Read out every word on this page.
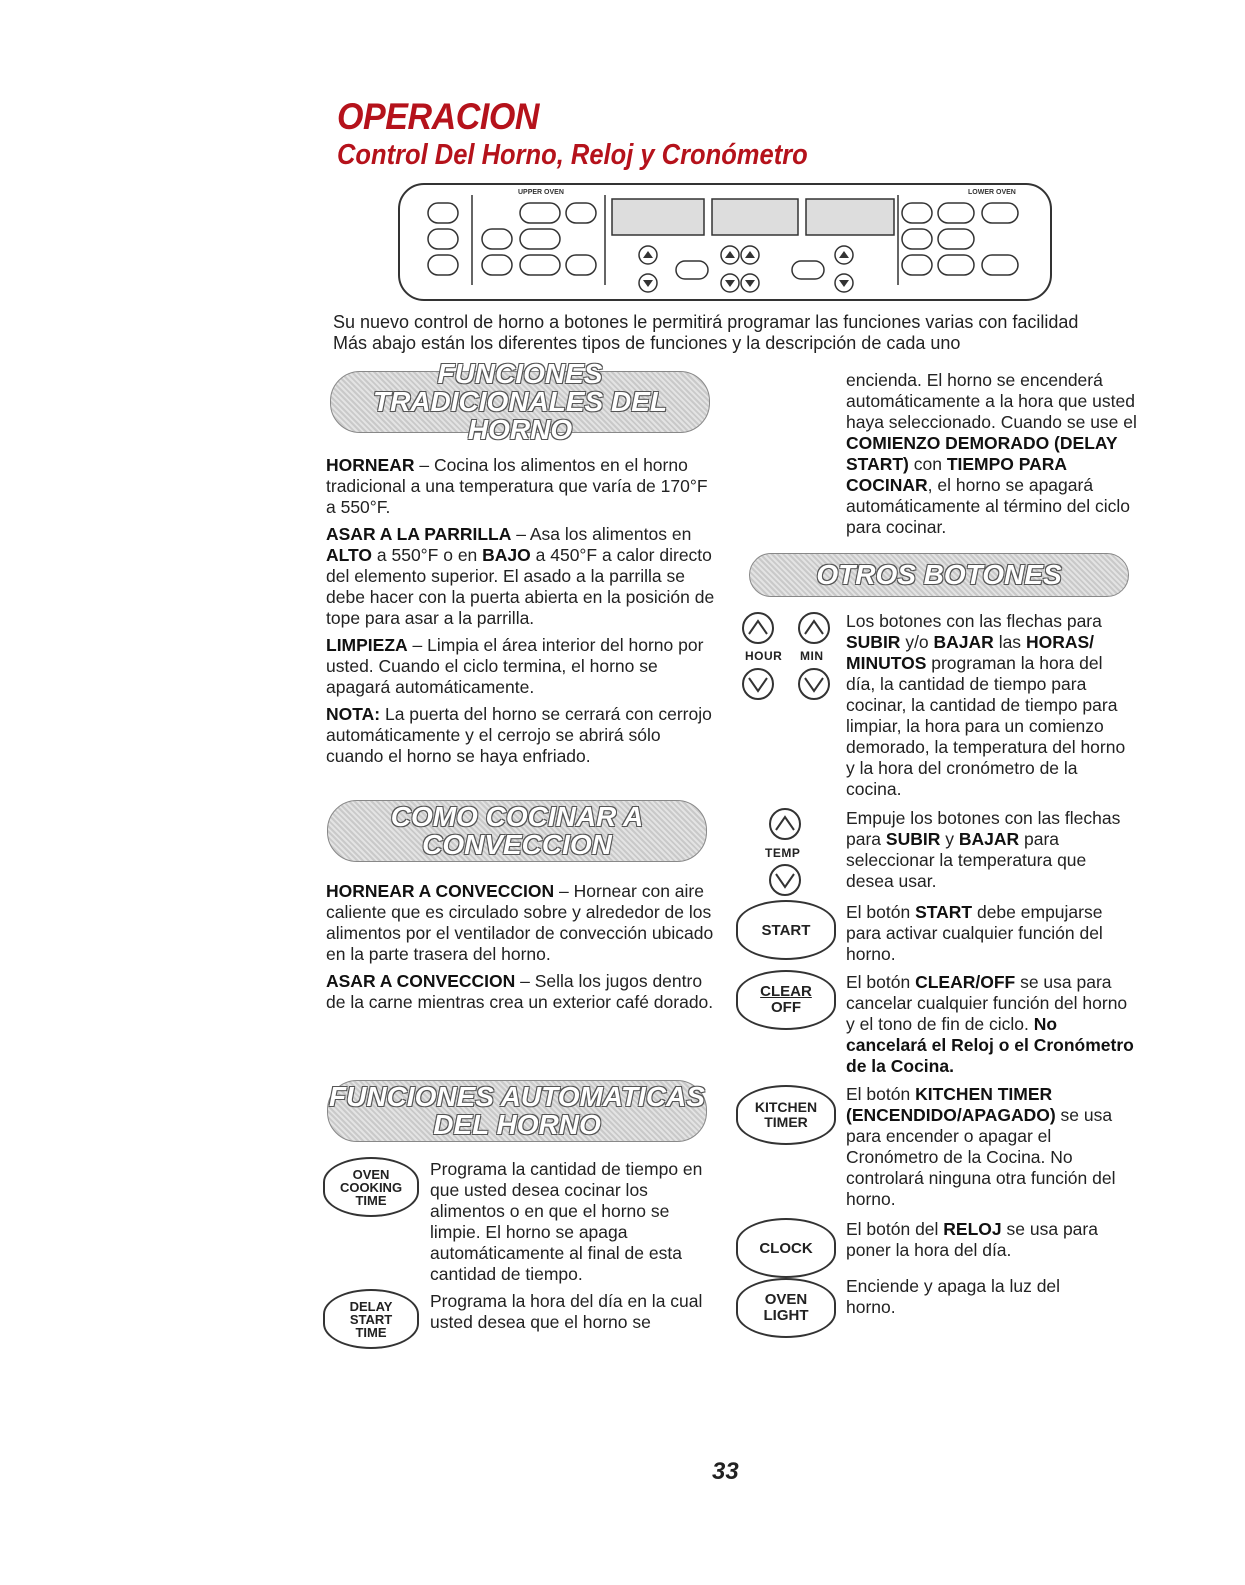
OPERACION
Control Del Horno, Reloj y Cronómetro
UPPER OVEN	LOWER OVEN

Su nuevo control de horno a botones le permitirá programar las funciones varias con facilidad

Más abajo están los diferentes tipos de funciones y la descripción de cada uno

FUNCIONES
TRADICIONALES DEL HORNO

HORNEAR – Cocina los alimentos en el horno tradicional a una temperatura que varía de 170°F a 550°F.

ASAR A LA PARRILLA – Asa los alimentos en ALTO a 550°F o en BAJO a 450°F a calor directo del elemento superior. El asado a la parrilla se debe hacer con la puerta abierta en la posición de tope para asar a la parrilla.

LIMPIEZA – Limpia el área interior del horno por usted. Cuando el ciclo termina, el horno se apagará automáticamente.

NOTA: La puerta del horno se cerrará con cerrojo automáticamente y el cerrojo se abrirá sólo cuando el horno se haya enfriado.

COMO COCINAR A
CONVECCION

HORNEAR A CONVECCION – Hornear con aire caliente que es circulado sobre y alrededor de los alimentos por el ventilador de convección ubicado en la parte trasera del horno.

ASAR A CONVECCION – Sella los jugos dentro de la carne mientras crea un exterior café dorado.

FUNCIONES AUTOMATICAS
DEL HORNO
OVEN
COOKING
TIME
Programa la cantidad de tiempo en que usted desea cocinar los alimentos o en que el horno se limpie. El horno se apaga automáticamente al final de esta cantidad de tiempo.
DELAY
START
TIME
Programa la hora del día en la cual usted desea que el horno se
encienda. El horno se encenderá automáticamente a la hora que usted haya seleccionado. Cuando se use el COMIENZO DEMORADO (DELAY START) con TIEMPO PARA COCINAR, el horno se apagará automáticamente al término del ciclo para cocinar.
OTROS BOTONES
HOUR MIN
Los botones con las flechas para SUBIR y/o BAJAR las HORAS/ MINUTOS programan la hora del día, la cantidad de tiempo para cocinar, la cantidad de tiempo para limpiar, la hora para un comienzo demorado, la temperatura del horno y la hora del cronómetro de la cocina.
TEMP
Empuje los botones con las flechas para SUBIR y BAJAR para seleccionar la temperatura que desea usar.
START
El botón START debe empujarse para activar cualquier función del horno.
CLEAR
OFF
El botón CLEAR/OFF se usa para cancelar cualquier función del horno y el tono de fin de ciclo. No cancelará el Reloj o el Cronómetro de la Cocina.
KITCHEN
TIMER
El botón KITCHEN TIMER (ENCENDIDO/APAGADO) se usa para encender o apagar el Cronómetro de la Cocina. No controlará ninguna otra función del horno.
CLOCK
El botón del RELOJ se usa para poner la hora del día.
OVEN
LIGHT
Enciende y apaga la luz del horno.
33
